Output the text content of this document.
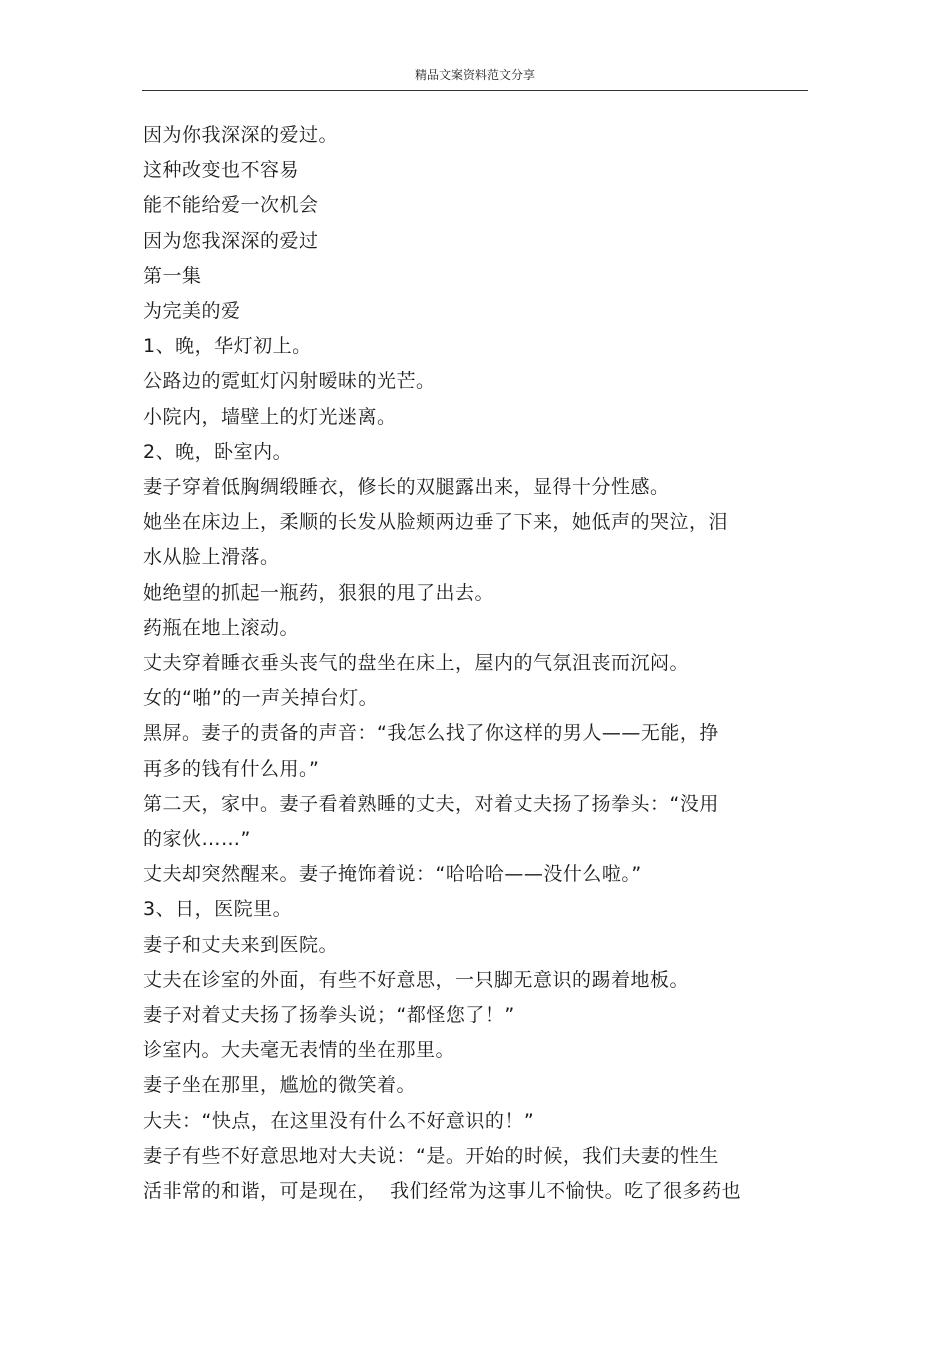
精品文案资料范文分享
因为你我深深的爱过。
这种改变也不容易
能不能给爱一次机会
因为您我深深的爱过
第一集
为完美的爱
1、晚，华灯初上。
公路边的霓虹灯闪射暧昧的光芒。
小院内，墙壁上的灯光迷离。
2、晚，卧室内。
妻子穿着低胸绸缎睡衣，修长的双腿露出来，显得十分性感。
她坐在床边上，柔顺的长发从脸颊两边垂了下来，她低声的哭泣，泪
水从脸上滑落。
她绝望的抓起一瓶药，狠狠的甩了出去。
药瓶在地上滚动。
丈夫穿着睡衣垂头丧气的盘坐在床上，屋内的气氛沮丧而沉闷。
女的“啪”的一声关掉台灯。
黑屏。妻子的责备的声音：“我怎么找了你这样的男人——无能，挣
再多的钱有什么用。”
第二天，家中。妻子看着熟睡的丈夫，对着丈夫扬了扬拳头：“没用
的家伙……”
丈夫却突然醒来。妻子掩饰着说：“哈哈哈——没什么啦。”
3、日，医院里。
妻子和丈夫来到医院。
丈夫在诊室的外面，有些不好意思，一只脚无意识的踢着地板。
妻子对着丈夫扬了扬拳头说；“都怪您了！”
诊室内。大夫毫无表情的坐在那里。
妻子坐在那里，尴尬的微笑着。
大夫：“快点，在这里没有什么不好意识的！”
妻子有些不好意思地对大夫说：“是。开始的时候，我们夫妻的性生
活非常的和谐，可是现在，  我们经常为这事儿不愉快。吃了很多药也
